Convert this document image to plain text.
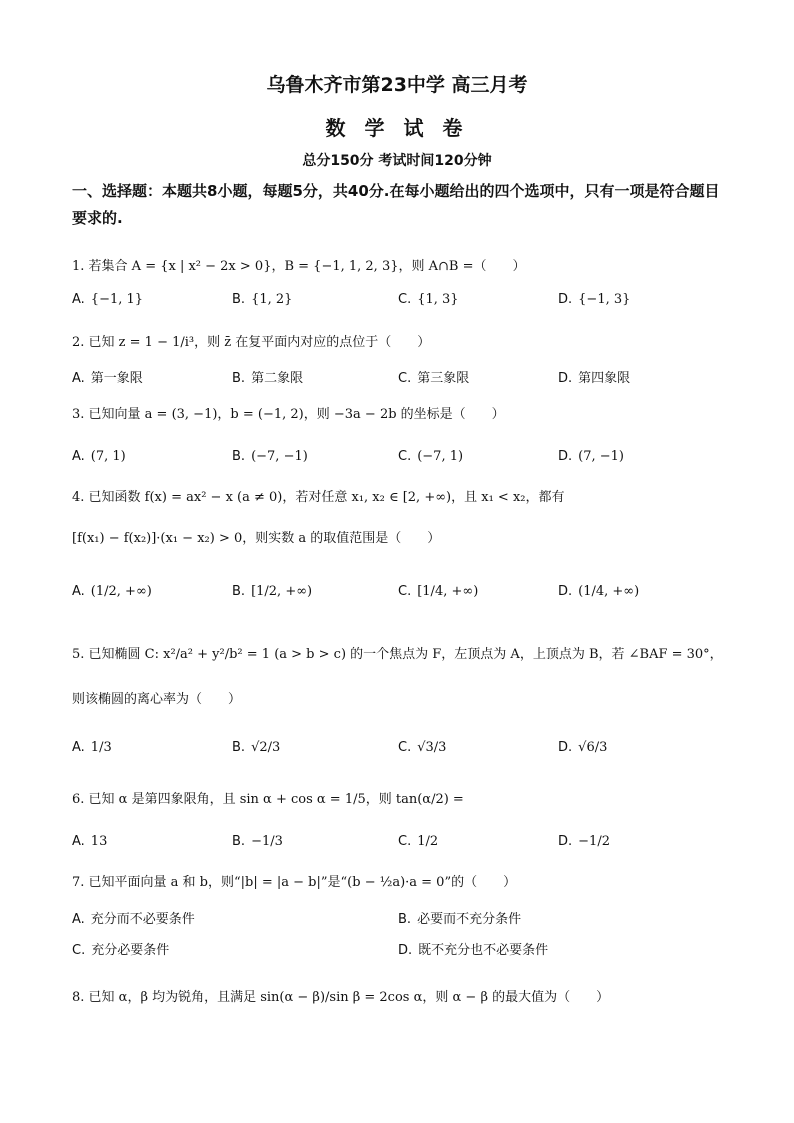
乌鲁木齐市第23中学 高三月考
数 学 试 卷
总分150分 考试时间120分钟
一、选择题：本题共8小题，每题5分，共40分.在每小题给出的四个选项中，只有一项是符合题目要求的.
1. 若集合 A = {x | x² − 2x > 0}，B = {−1, 1, 2, 3}，则 A∩B =（　　）
A. {−1, 1}	B. {1, 2}	C. {1, 3}	D. {−1, 3}
2. 已知 z = 1 − 1/i³，则 z̄ 在复平面内对应的点位于（　　）
A. 第一象限	B. 第二象限	C. 第三象限	D. 第四象限
3. 已知向量 a = (3, −1)，b = (−1, 2)，则 −3a − 2b 的坐标是（　　）
A. (7, 1)	B. (−7, −1)	C. (−7, 1)	D. (7, −1)
4. 已知函数 f(x) = ax² − x (a ≠ 0)，若对任意 x₁, x₂ ∈ [2, +∞)，且 x₁ < x₂，都有
[f(x₁) − f(x₂)]·(x₁ − x₂) > 0，则实数 a 的取值范围是（　　）
A. (1/2, +∞)	B. [1/2, +∞)	C. [1/4, +∞)	D. (1/4, +∞)
5. 已知椭圆 C: x²/a² + y²/b² = 1 (a > b > c) 的一个焦点为 F，左顶点为 A，上顶点为 B，若 ∠BAF = 30°，
则该椭圆的离心率为（　　）
A. 1/3	B. √2/3	C. √3/3	D. √6/3
6. 已知 α 是第四象限角，且 sin α + cos α = 1/5，则 tan(α/2) =
A. 13	B. −1/3	C. 1/2	D. −1/2
7. 已知平面向量 a 和 b，则“|b| = |a − b|”是“(b − ½a)·a = 0”的（　　）
A. 充分而不必要条件	B. 必要而不充分条件
C. 充分必要条件	D. 既不充分也不必要条件
8. 已知 α，β 均为锐角，且满足 sin(α − β)/sin β = 2cos α，则 α − β 的最大值为（　　）
